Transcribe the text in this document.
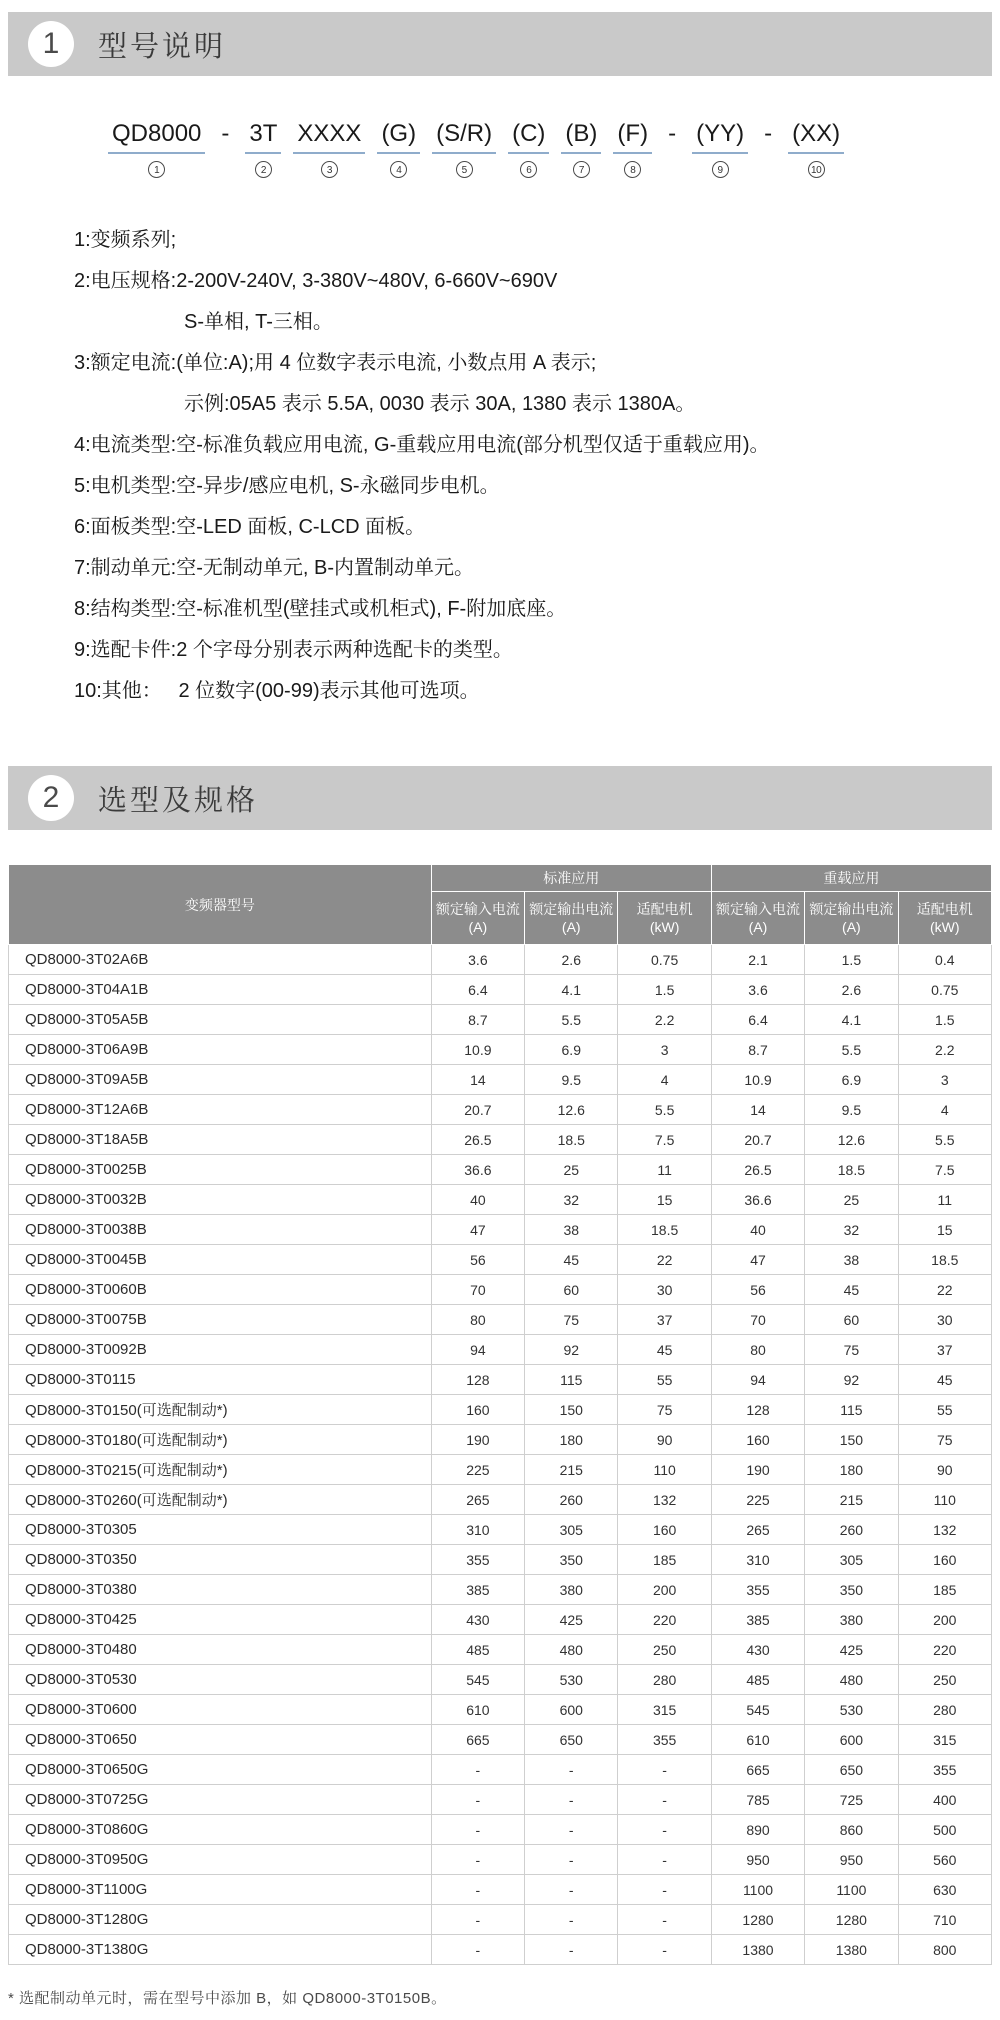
1 型号说明
QD8000
1
- 3T
2
XXXX
3
(G)
4
(S/R)
5
(C)
6
(B)
7
(F)
8
- (YY)
9
- (XX)
10
1:变频系列;
2:电压规格:2-200V-240V, 3-380V~480V, 6-660V~690V
S-单相, T-三相。
3:额定电流:(单位:A);用 4 位数字表示电流, 小数点用 A 表示;
示例:05A5 表示 5.5A, 0030 表示 30A, 1380 表示 1380A。
4:电流类型:空-标准负载应用电流, G-重载应用电流(部分机型仅适于重载应用)。
5:电机类型:空-异步/感应电机, S-永磁同步电机。
6:面板类型:空-LED 面板, C-LCD 面板。
7:制动单元:空-无制动单元, B-内置制动单元。
8:结构类型:空-标准机型(壁挂式或机柜式), F-附加底座。
9:选配卡件:2 个字母分别表示两种选配卡的类型。
10:其他：   2 位数字(00-99)表示其他可选项。
2 选型及规格
变频器型号	标准应用			重载应用		
	额定输入电流
(A)	额定输出电流
(A)	适配电机
(kW)	额定输入电流
(A)	额定输出电流
(A)	适配电机
(kW)
QD8000-3T02A6B	3.6	2.6	0.75	2.1	1.5	0.4
QD8000-3T04A1B	6.4	4.1	1.5	3.6	2.6	0.75
QD8000-3T05A5B	8.7	5.5	2.2	6.4	4.1	1.5
QD8000-3T06A9B	10.9	6.9	3	8.7	5.5	2.2
QD8000-3T09A5B	14	9.5	4	10.9	6.9	3
QD8000-3T12A6B	20.7	12.6	5.5	14	9.5	4
QD8000-3T18A5B	26.5	18.5	7.5	20.7	12.6	5.5
QD8000-3T0025B	36.6	25	11	26.5	18.5	7.5
QD8000-3T0032B	40	32	15	36.6	25	11
QD8000-3T0038B	47	38	18.5	40	32	15
QD8000-3T0045B	56	45	22	47	38	18.5
QD8000-3T0060B	70	60	30	56	45	22
QD8000-3T0075B	80	75	37	70	60	30
QD8000-3T0092B	94	92	45	80	75	37
QD8000-3T0115	128	115	55	94	92	45
QD8000-3T0150(可选配制动*)	160	150	75	128	115	55
QD8000-3T0180(可选配制动*)	190	180	90	160	150	75
QD8000-3T0215(可选配制动*)	225	215	110	190	180	90
QD8000-3T0260(可选配制动*)	265	260	132	225	215	110
QD8000-3T0305	310	305	160	265	260	132
QD8000-3T0350	355	350	185	310	305	160
QD8000-3T0380	385	380	200	355	350	185
QD8000-3T0425	430	425	220	385	380	200
QD8000-3T0480	485	480	250	430	425	220
QD8000-3T0530	545	530	280	485	480	250
QD8000-3T0600	610	600	315	545	530	280
QD8000-3T0650	665	650	355	610	600	315
QD8000-3T0650G	-	-	-	665	650	355
QD8000-3T0725G	-	-	-	785	725	400
QD8000-3T0860G	-	-	-	890	860	500
QD8000-3T0950G	-	-	-	950	950	560
QD8000-3T1100G	-	-	-	1100	1100	630
QD8000-3T1280G	-	-	-	1280	1280	710
QD8000-3T1380G	-	-	-	1380	1380	800

* 选配制动单元时，需在型号中添加 B，如 QD8000-3T0150B。
